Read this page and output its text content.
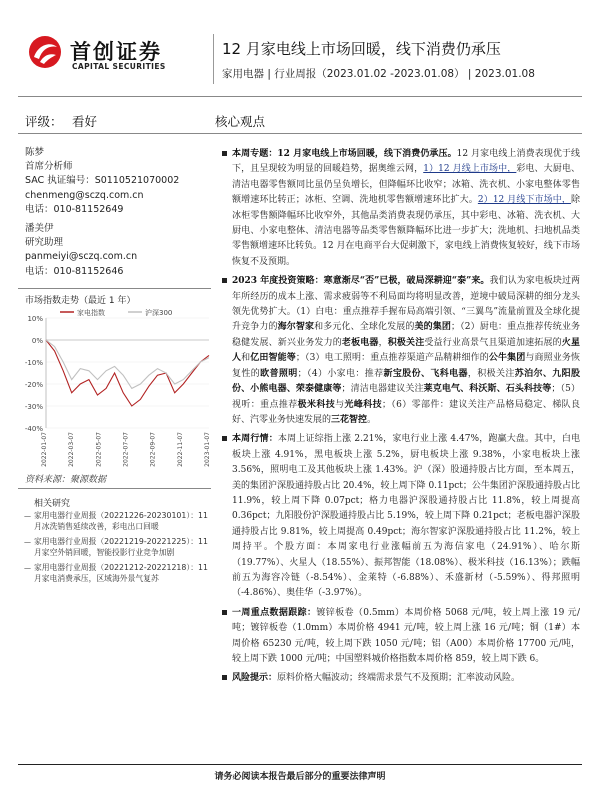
首创证券
CAPITAL SECURITIES
12 月家电线上市场回暖，线下消费仍承压
家用电器 | 行业周报（2023.01.02 -2023.01.08） | 2023.01.08
评级： 看好	核心观点
陈梦
首席分析师
SAC 执证编号：S0110521070002
chenmeng@sczq.com.cn
电话：010-81152649
潘美伊
研究助理
panmeiyi@sczq.com.cn
电话：010-81152646
市场指数走势（最近 1 年）
10%
0%
-10%
-20%
-30%
-40%
2022-01-07	2022-03-07	2022-05-07	2022-07-07	2022-09-07	2022-11-07	2023-01-07
家电指数	沪深300
资料来源：聚源数据
相关研究
— 家用电器行业周报（20221226-20230101）：11 月冰洗销售延续改善，彩电出口回暖
— 家用电器行业周报（20221219-20221225）：11 月家空外销回暖，智能投影行业竞争加剧
— 家用电器行业周报（20221212-20221218）：11 月家电消费承压，区域海外景气复苏
本周专题：12 月家电线上市场回暖，线下消费仍承压。12 月家电线上消费表现优于线下，且呈现较为明显的回暖趋势，据奥维云网，1）12 月线上市场中，彩电、大厨电、清洁电器零售额同比虽仍呈负增长，但降幅环比收窄；冰箱、洗衣机、小家电整体零售额增速环比转正；冰柜、空调、洗地机零售额增速环比扩大。2）12 月线下市场中，除冰柜零售额降幅环比收窄外，其他品类消费表现仍承压，其中彩电、冰箱、洗衣机、大厨电、小家电整体、清洁电器等品类零售额降幅环比进一步扩大；洗地机、扫地机品类零售额增速环比转负。12 月在电商平台大促刺激下，家电线上消费恢复较好，线下市场恢复不及预期。
2023 年度投资策略：寒意渐尽“否”已极，破局深耕迎“泰”来。我们认为家电板块过两年所经历的成本上涨、需求疲弱等不利局面均将明显改善，逆境中破局深耕的细分龙头领先优势扩大。（1）白电：重点推荐手握布局高端引领、“三翼鸟”流量前置及全球化提升竞争力的海尔智家和多元化、全球化发展的美的集团；（2）厨电：重点推荐传统业务稳健发展、新兴业务发力的老板电器，积极关注受益行业高景气且渠道加速拓展的火星人和亿田智能等；（3）电工照明：重点推荐渠道产品精耕细作的公牛集团与商照业务恢复性的欧普照明；（4）小家电：推荐新宝股份、飞科电器，积极关注苏泊尔、九阳股份、小熊电器、荣泰健康等；清洁电器建议关注莱克电气、科沃斯、石头科技等；（5）视听：重点推荐极米科技与光峰科技；（6）零部件：建议关注产品格局稳定、梯队良好、汽零业务快速发展的三花智控。
本周行情：本周上证综指上涨 2.21%，家电行业上涨 4.47%，跑赢大盘。其中，白电板块上涨 4.91%，黑电板块上涨 5.2%，厨电板块上涨 9.38%，小家电板块上涨 3.56%，照明电工及其他板块上涨 1.43%。沪（深）股通持股占比方面，至本周五，美的集团沪深股通持股占比 20.4%，较上周下降 0.11pct；公牛集团沪深股通持股占比 11.9%，较上周下降 0.07pct；格力电器沪深股通持股占比 11.8%，较上周提高 0.36pct；九阳股份沪深股通持股占比 5.19%，较上周下降 0.21pct；老板电器沪深股通持股占比 9.81%，较上周提高 0.49pct；海尔智家沪深股通持股占比 11.2%，较上周持平。个股方面：本周家电行业涨幅前五为海信家电（24.91%）、哈尔斯（19.77%）、火星人（18.55%）、振邦智能（18.08%）、极米科技（16.13%）；跌幅前五为海容冷链（-8.54%）、金莱特（-6.88%）、禾盛新材（-5.59%）、得邦照明（-4.86%）、奥佳华（-3.97%）。
一周重点数据跟踪：镀锌板卷（0.5mm）本周价格 5068 元/吨，较上周上涨 19 元/吨；镀锌板卷（1.0mm）本周价格 4941 元/吨，较上周上涨 16 元/吨；铜（1#）本周价格 65230 元/吨，较上周下跌 1050 元/吨；铝（A00）本周价格 17700 元/吨，较上周下跌 1000 元/吨；中国塑料城价格指数本周价格 859，较上周下跌 6。
风险提示：原料价格大幅波动；终端需求景气不及预期；汇率波动风险。
请务必阅读本报告最后部分的重要法律声明
